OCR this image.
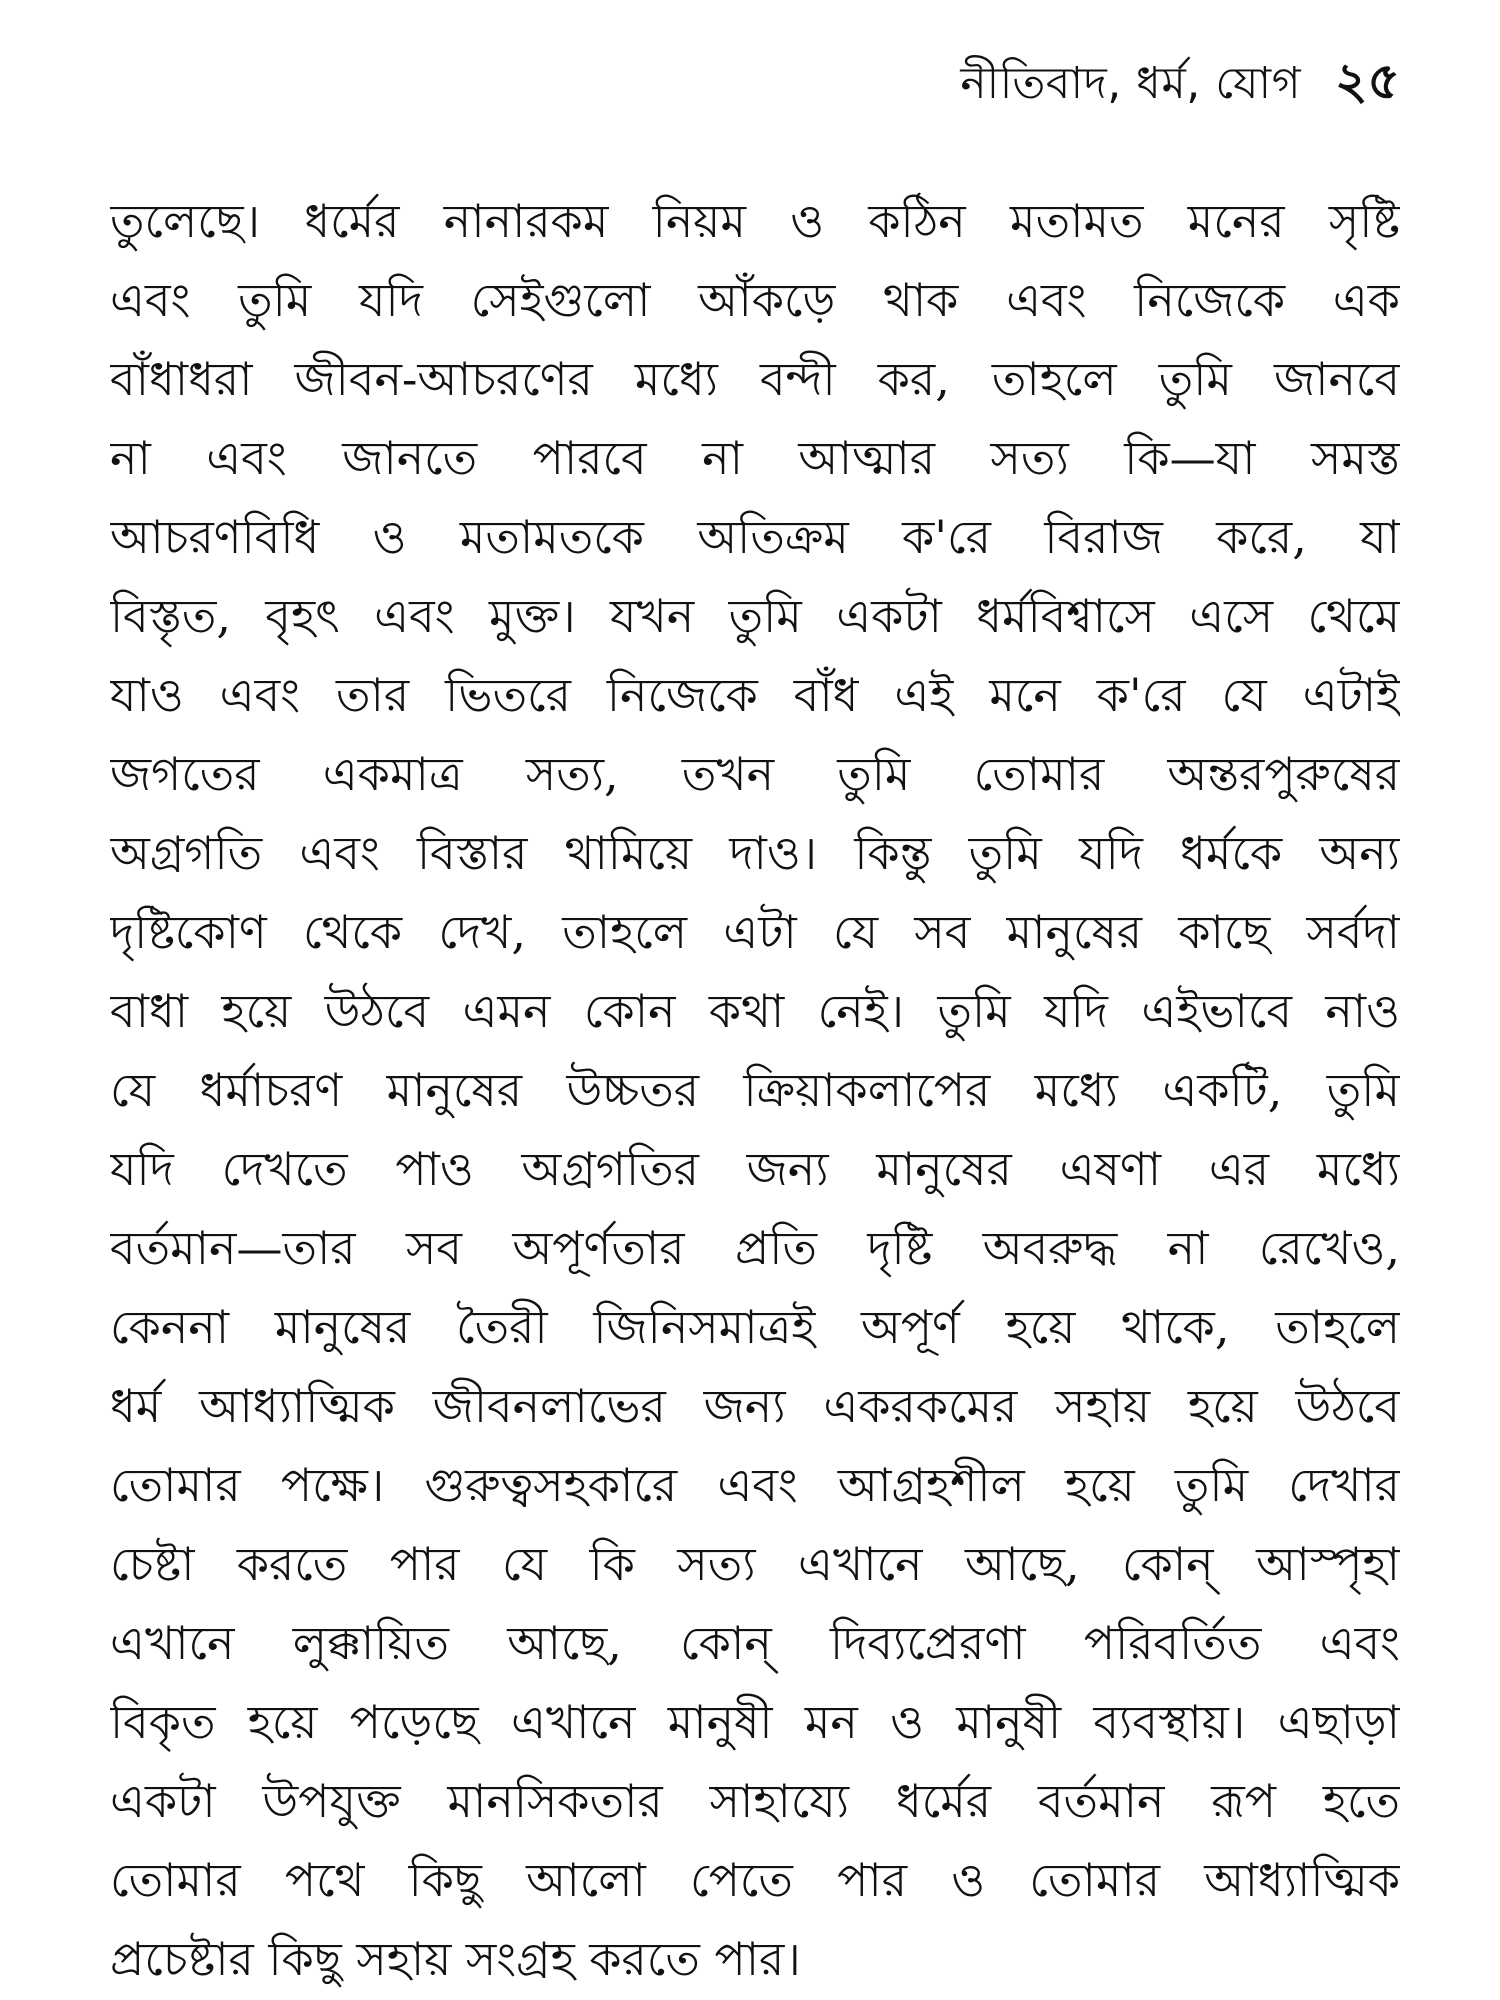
নীতিবাদ, ধর্ম, যোগ ২৫
তুলেছে। ধর্মের নানারকম নিয়ম ও কঠিন মতামত মনের সৃষ্টি
এবং তুমি যদি সেইগুলো আঁকড়ে থাক এবং নিজেকে এক
বাঁধাধরা জীবন-আচরণের মধ্যে বন্দী কর, তাহলে তুমি জানবে
না এবং জানতে পারবে না আত্মার সত্য কি—যা সমস্ত
আচরণবিধি ও মতামতকে অতিক্রম ক'রে বিরাজ করে, যা
বিস্তৃত, বৃহৎ এবং মুক্ত। যখন তুমি একটা ধর্মবিশ্বাসে এসে থেমে
যাও এবং তার ভিতরে নিজেকে বাঁধ এই মনে ক'রে যে এটাই
জগতের একমাত্র সত্য, তখন তুমি তোমার অন্তরপুরুষের
অগ্রগতি এবং বিস্তার থামিয়ে দাও। কিন্তু তুমি যদি ধর্মকে অন্য
দৃষ্টিকোণ থেকে দেখ, তাহলে এটা যে সব মানুষের কাছে সর্বদা
বাধা হয়ে উঠবে এমন কোন কথা নেই। তুমি যদি এইভাবে নাও
যে ধর্মাচরণ মানুষের উচ্চতর ক্রিয়াকলাপের মধ্যে একটি, তুমি
যদি দেখতে পাও অগ্রগতির জন্য মানুষের এষণা এর মধ্যে
বর্তমান—তার সব অপূর্ণতার প্রতি দৃষ্টি অবরুদ্ধ না রেখেও,
কেননা মানুষের তৈরী জিনিসমাত্রই অপূর্ণ হয়ে থাকে, তাহলে
ধর্ম আধ্যাত্মিক জীবনলাভের জন্য একরকমের সহায় হয়ে উঠবে
তোমার পক্ষে। গুরুত্বসহকারে এবং আগ্রহশীল হয়ে তুমি দেখার
চেষ্টা করতে পার যে কি সত্য এখানে আছে, কোন্ আস্পৃহা
এখানে লুক্কায়িত আছে, কোন্ দিব্যপ্রেরণা পরিবর্তিত এবং
বিকৃত হয়ে পড়েছে এখানে মানুষী মন ও মানুষী ব্যবস্থায়। এছাড়া
একটা উপযুক্ত মানসিকতার সাহায্যে ধর্মের বর্তমান রূপ হতে
তোমার পথে কিছু আলো পেতে পার ও তোমার আধ্যাত্মিক
প্রচেষ্টার কিছু সহায় সংগ্রহ করতে পার।
